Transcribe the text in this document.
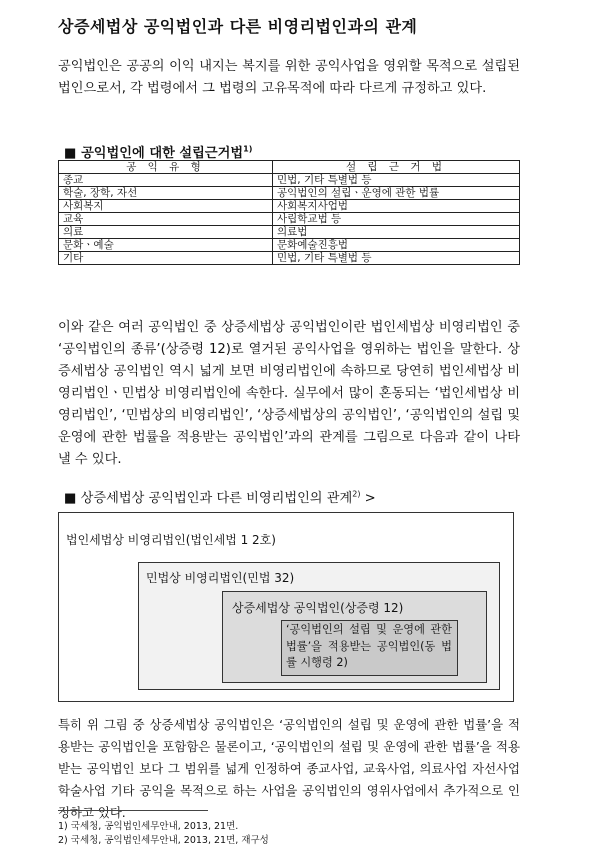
상증세법상 공익법인과 다른 비영리법인과의 관계
공익법인은 공공의 이익 내지는 복지를 위한 공익사업을 영위할 목적으로 설립된 법인으로서, 각 법령에서 그 법령의 고유목적에 따라 다르게 규정하고 있다.
■ 공익법인에 대한 설립근거법$^{1)}$
공 익 유 형	설 립 근 거 법
종교	민법, 기타 특별법 등
학술, 장학, 자선	공익법인의 설립ㆍ운영에 관한 법률
사회복지	사회복지사업법
교육	사립학교법 등
의료	의료법
문화ㆍ예술	문화예술진흥법
기타	민법, 기타 특별법 등
이와 같은 여러 공익법인 중 상증세법상 공익법인이란 법인세법상 비영리법인 중 ‘공익법인의 종류’(상증령 12)로 열거된 공익사업을 영위하는 법인을 말한다. 상증세법상 공익법인 역시 넓게 보면 비영리법인에 속하므로 당연히 법인세법상 비영리법인ㆍ민법상 비영리법인에 속한다. 실무에서 많이 혼동되는 ‘법인세법상 비영리법인’, ‘민법상의 비영리법인’, ‘상증세법상의 공익법인’, ‘공익법인의 설립 및 운영에 관한 법률을 적용받는 공익법인’과의 관계를 그림으로 다음과 같이 나타낼 수 있다.
■ 상증세법상 공익법인과 다른 비영리법인의 관계$^{2)}$ >
법인세법상 비영리법인(법인세법 1 2호)
민법상 비영리법인(민법 32)
상증세법상 공익법인(상증령 12)
‘공익법인의 설립 및 운영에 관한 법률’을 적용받는 공익법인(동 법률 시행령 2)
특히 위 그림 중 상증세법상 공익법인은 ‘공익법인의 설립 및 운영에 관한 법률’을 적용받는 공익법인을 포함함은 물론이고, ‘공익법인의 설립 및 운영에 관한 법률’을 적용받는 공익법인 보다 그 범위를 넓게 인정하여 종교사업, 교육사업, 의료사업 자선사업 학술사업 기타 공익을 목적으로 하는 사업을 공익법인의 영위사업에서 추가적으로 인정하고 있다.
1) 국세청, 공익법인세무안내, 2013, 21면.
2) 국세청, 공익법인세무안내, 2013, 21면, 재구성
